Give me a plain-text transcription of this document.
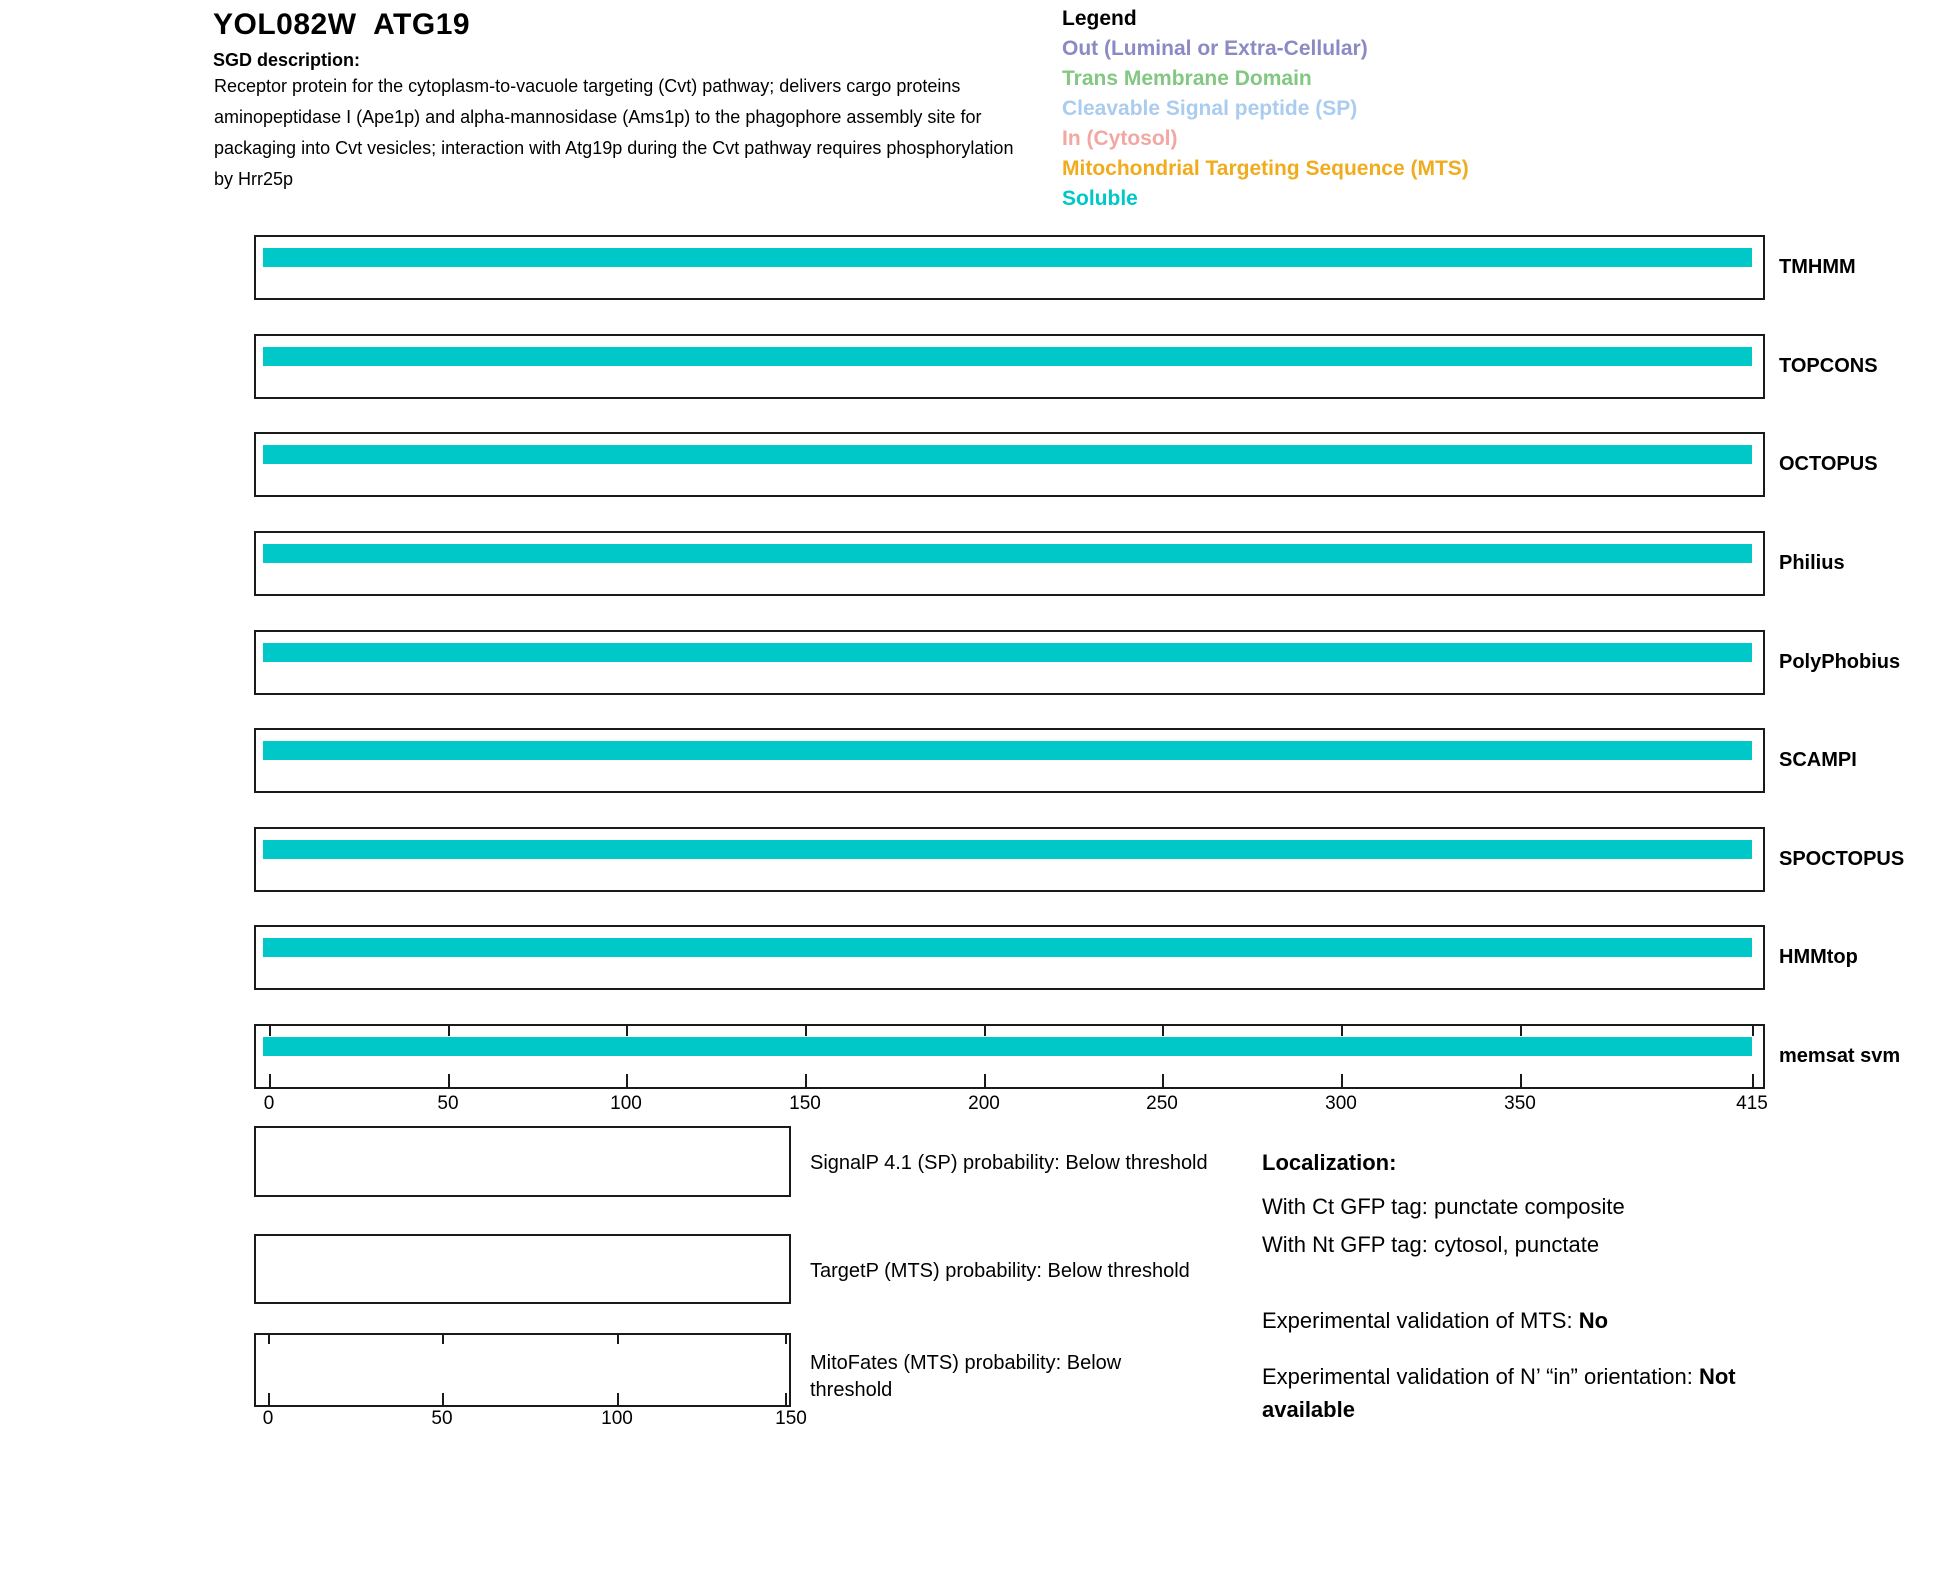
YOL082W  ATG19
SGD description:
Receptor protein for the cytoplasm-to-vacuole targeting (Cvt) pathway; delivers cargo proteins aminopeptidase I (Ape1p) and alpha-mannosidase (Ams1p) to the phagophore assembly site for packaging into Cvt vesicles; interaction with Atg19p during the Cvt pathway requires phosphorylation by Hrr25p
Legend
Out (Luminal or Extra-Cellular)
Trans Membrane Domain
Cleavable Signal peptide (SP)
In (Cytosol)
Mitochondrial Targeting Sequence (MTS)
Soluble
TMHMM
TOPCONS
OCTOPUS
Philius
PolyPhobius
SCAMPI
SPOCTOPUS
HMMtop
memsat svm
0	50	100	150	200	250	300	350	415
SignalP 4.1 (SP) probability: Below threshold
TargetP (MTS) probability: Below threshold
MitoFates (MTS) probability: Below threshold
0	50	100	150
Localization:
With Ct GFP tag: punctate composite
With Nt GFP tag: cytosol, punctate
Experimental validation of MTS: No
Experimental validation of N’ “in” orientation: Not available
